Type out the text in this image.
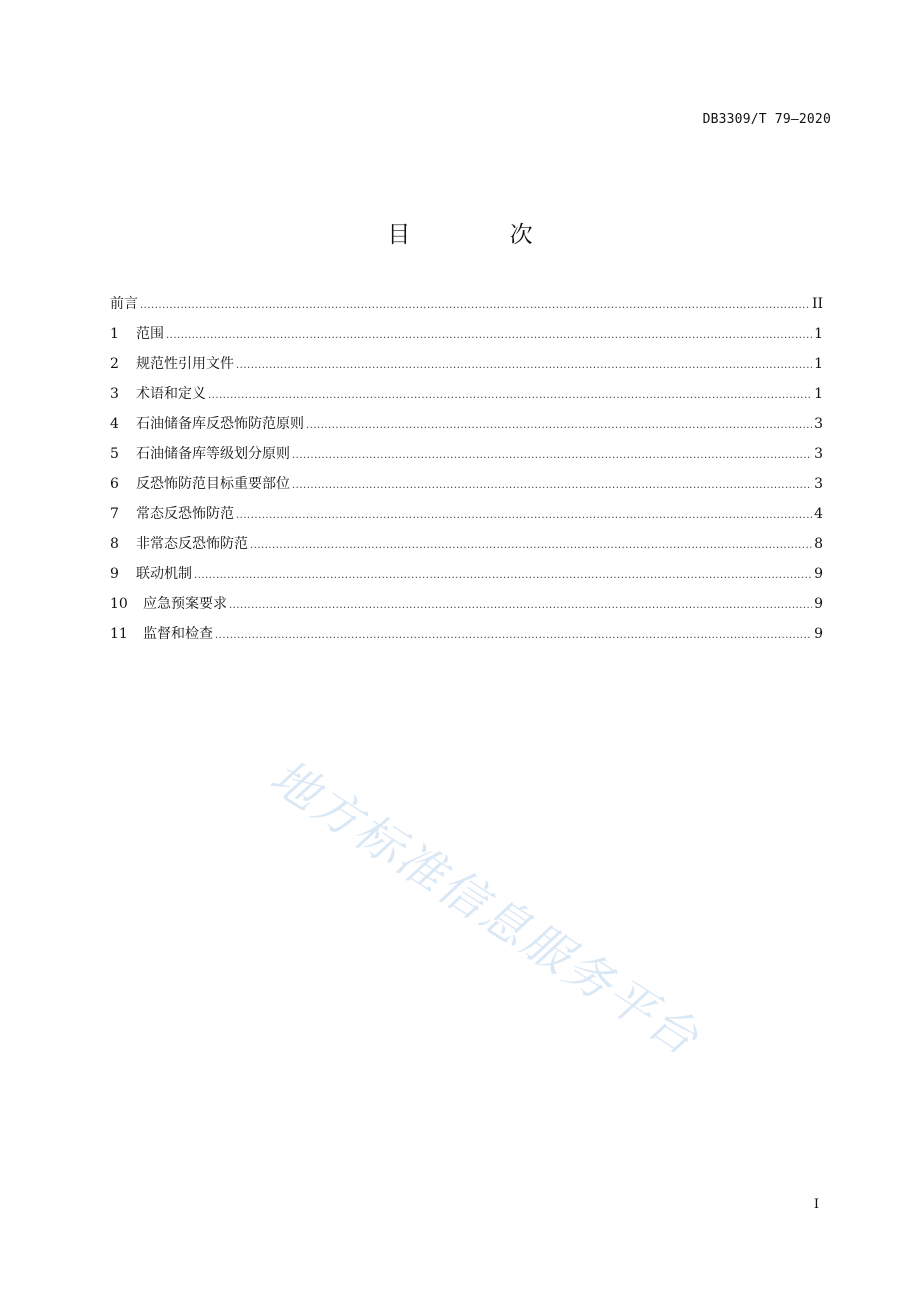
DB3309/T 79—2020
目 次
前言 .....	II
1	范围 .....	1
2	规范性引用文件 .....	1
3	术语和定义 .....	1
4	石油储备库反恐怖防范原则 .....	3
5	石油储备库等级划分原则 .....	3
6	反恐怖防范目标重要部位 .....	3
7	常态反恐怖防范 .....	4
8	非常态反恐怖防范 .....	8
9	联动机制 .....	9
10	应急预案要求 .....	9
11	监督和检查 .....	9
地方标准信息服务平台
I
